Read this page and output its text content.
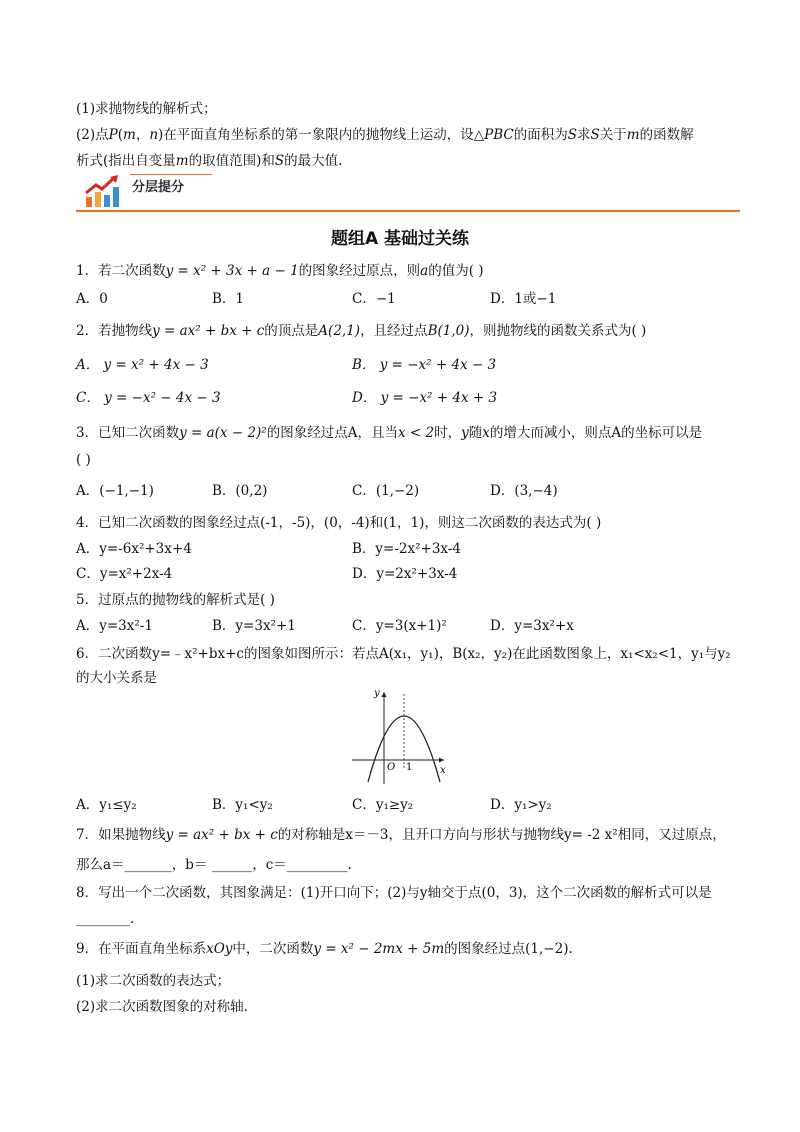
(1)求抛物线的解析式；
(2)点P(m，n)在平面直角坐标系的第一象限内的抛物线上运动，设△PBC的面积为S求S关于m的函数解
析式(指出自变量m的取值范围)和S的最大值.
分层提分
题组A 基础过关练
1．若二次函数y = x² + 3x + a − 1的图象经过原点，则a的值为( )
A．0	B．1	C．−1	D．1或−1
2．若抛物线y = ax² + bx + c的顶点是A(2,1)，且经过点B(1,0)，则抛物线的函数关系式为( )
A． y = x² + 4x − 3	B． y = −x² + 4x − 3
C． y = −x² − 4x − 3	D． y = −x² + 4x + 3
3．已知二次函数y = a(x − 2)²的图象经过点A，且当x < 2时，y随x的增大而减小，则点A的坐标可以是
( )
A．(−1,−1)	B．(0,2)	C．(1,−2)	D．(3,−4)
4．已知二次函数的图象经过点(-1，-5)，(0，-4)和(1，1)，则这二次函数的表达式为( )
A．y=-6x²+3x+4	B．y=-2x²+3x-4
C．y=x²+2x-4	D．y=2x²+3x-4
5．过原点的抛物线的解析式是( )
A．y=3x²-1	B．y=3x²+1	C．y=3(x+1)²	D．y=3x²+x
6．二次函数y=﹣x²+bx+c的图象如图所示：若点A(x₁，y₁)，B(x₂，y₂)在此函数图象上，x₁<x₂<1，y₁与y₂
的大小关系是
y
x
O 1
A．y₁≤y₂	B．y₁<y₂	C．y₁≥y₂	D．y₁>y₂
7．如果抛物线y = ax² + bx + c的对称轴是x＝－3，且开口方向与形状与抛物线y= -2 x²相同，又过原点，
那么a＝_______，b＝ ______，c＝_________.
8．写出一个二次函数，其图象满足：(1)开口向下；(2)与y轴交于点(0，3)，这个二次函数的解析式可以是
________.
9．在平面直角坐标系xOy中，二次函数y = x² − 2mx + 5m的图象经过点(1,−2).
(1)求二次函数的表达式；
(2)求二次函数图象的对称轴.
